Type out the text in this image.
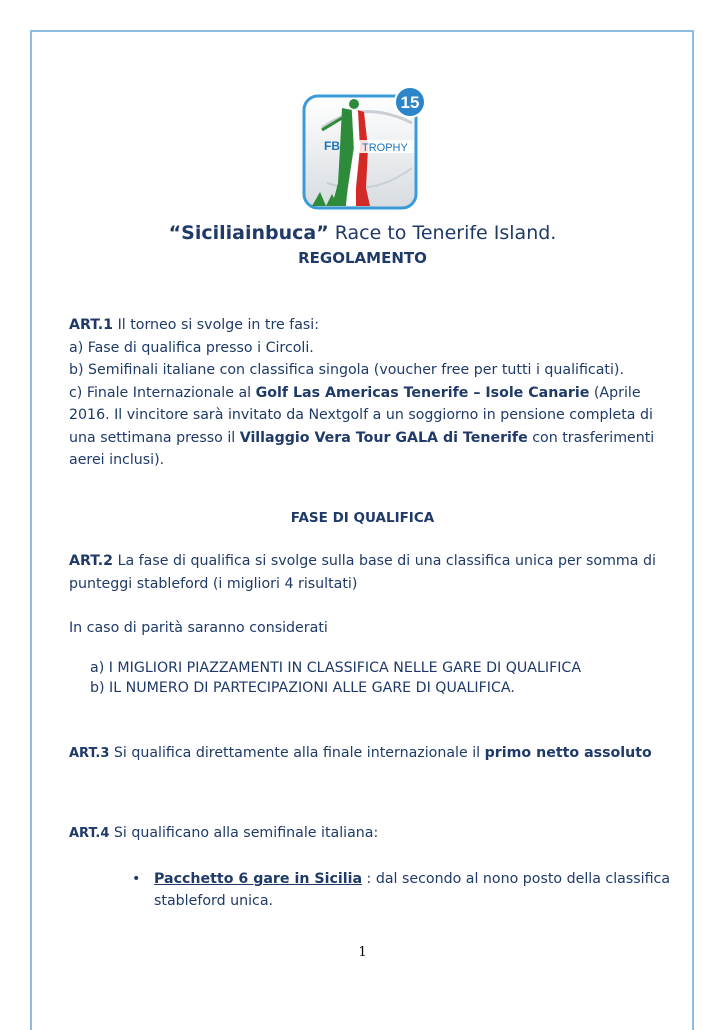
FB TROPHY
15
“Siciliainbuca” Race to Tenerife Island.
REGOLAMENTO
ART.1 Il torneo si svolge in tre fasi:
a) Fase di qualifica presso i Circoli.
b) Semifinali italiane con classifica singola (voucher free per tutti i qualificati).
c) Finale Internazionale al Golf Las Americas Tenerife – Isole Canarie (Aprile 2016. Il vincitore sarà invitato da Nextgolf a un soggiorno in pensione completa di una settimana presso il Villaggio Vera Tour GALA di Tenerife con trasferimenti aerei inclusi).
FASE DI QUALIFICA
ART.2 La fase di qualifica si svolge sulla base di una classifica unica per somma di punteggi stableford (i migliori 4 risultati)
In caso di parità saranno considerati
a) I MIGLIORI PIAZZAMENTI IN CLASSIFICA NELLE GARE DI QUALIFICA
b) IL NUMERO DI PARTECIPAZIONI ALLE GARE DI QUALIFICA.
ART.3 Si qualifica direttamente alla finale internazionale il primo netto assoluto
ART.4 Si qualificano alla semifinale italiana:
• Pacchetto 6 gare in Sicilia : dal secondo al nono posto della classifica stableford unica.
1
